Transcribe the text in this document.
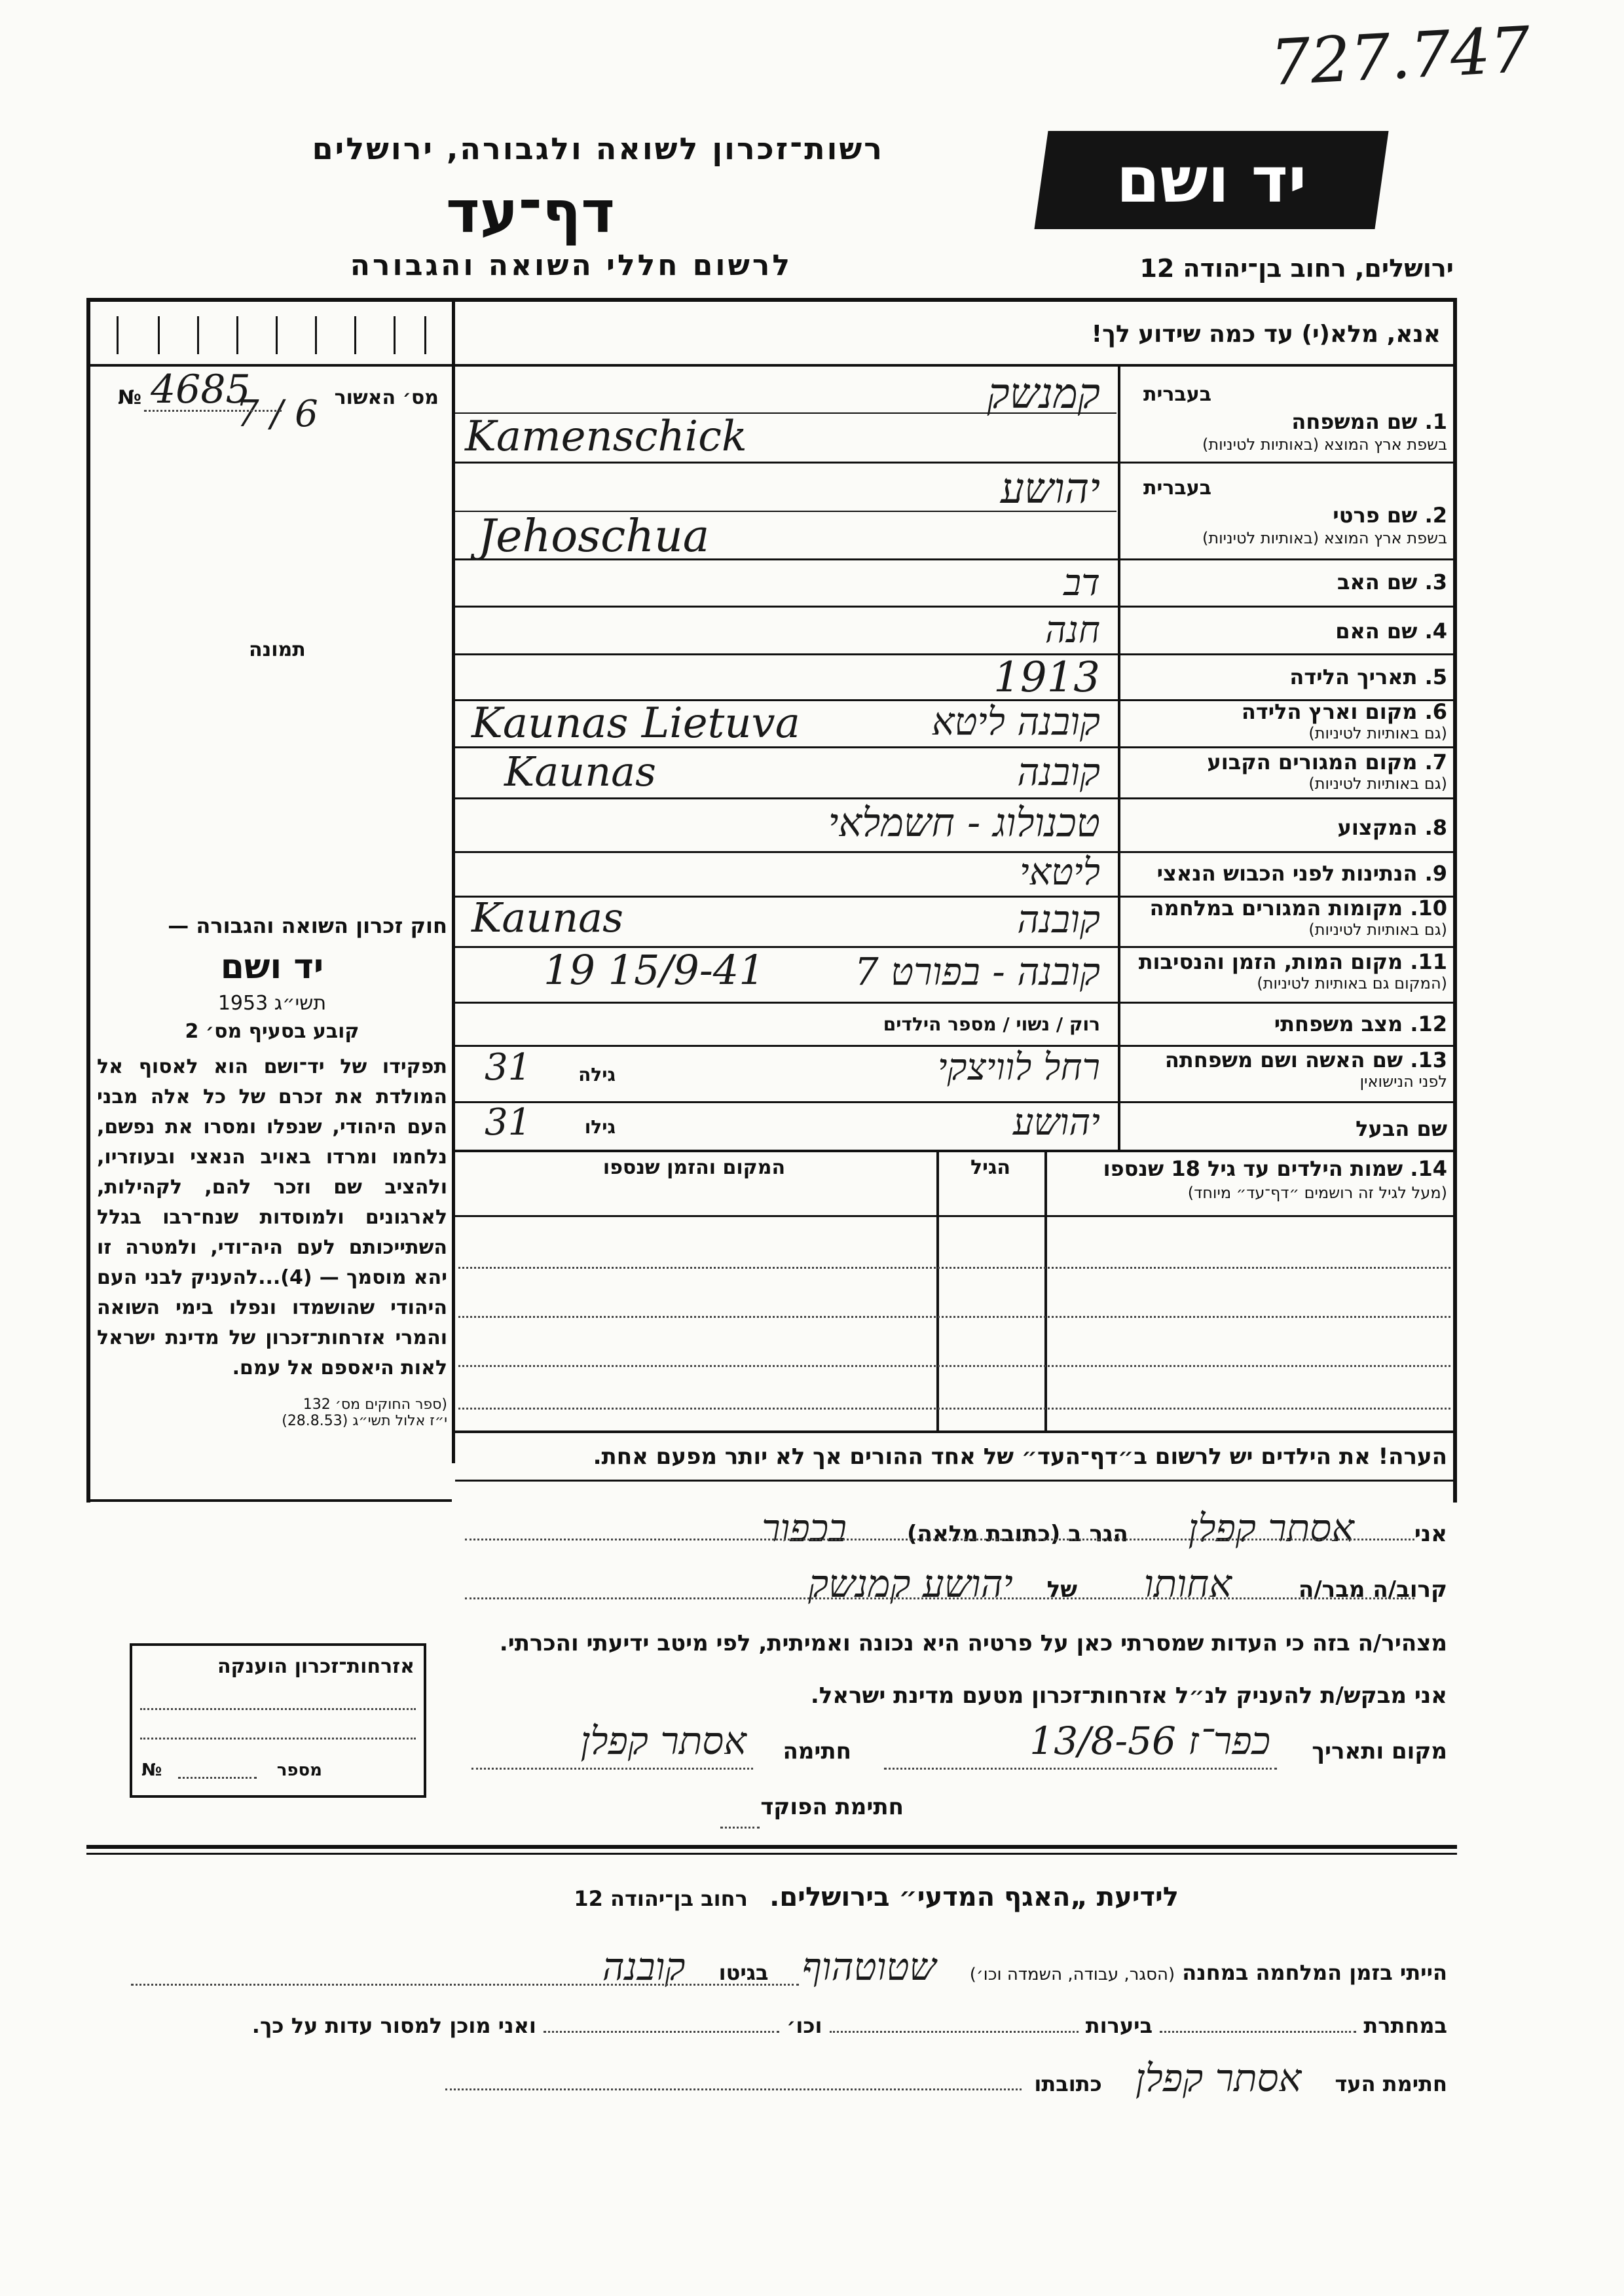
727.747
רשות־זכרון לשואה ולגבורה, ירושלים
דף־עד
לרשום חללי השואה והגבורה
יד ושם
ירושלים, רחוב בן־יהודה 12
אנא, מלא(י) עד כמה שידוע לך!
מס׳ האשור
№ 4685
7 / 6
תמונה
בעברית
1. שם המשפחה
בשפת ארץ המוצא (באותיות לטיניות)
קמנשק
Kamenschick
בעברית
2. שם פרטי
בשפת ארץ המוצא (באותיות לטיניות)
יהושע
Jehoschua
3. שם האב
דב
4. שם האם
חנה
5. תאריך הלידה
1913
6. מקום וארץ הלידה
(גם באותיות לטיניות)
קובנה ליטא
Kaunas Lietuva
7. מקום המגורים הקבוע
(גם באותיות לטיניות)
קובנה
Kaunas
8. המקצוע
טכנולוג - חשמלאי
9. הנתינות לפני הכבוש הנאצי
ליטאי
10. מקומות המגורים במלחמה
(גם באותיות לטיניות)
קובנה
Kaunas
11. מקום המות, הזמן והנסיבות
(המקום גם באותיות לטיניות)
קובנה - בפורט 7
19 15/9-41
12. מצב משפחתי
רוק / נשוי / מספר הילדים
13. שם האשה ושם משפחתה
לפני הנישואין
רחל לוויצקי
גילה
31
שם הבעל
יהושע
גילו
31
14. שמות הילדים עד גיל 18 שנספו
(מעל לגיל זה רושמים ״דף־עד״ מיוחד)
הגיל
המקום והזמן שנספו
הערה! את הילדים יש לרשום ב״דף־העד״ של אחד ההורים אך לא יותר מפעם אחת.
חוק זכרון השואה והגבורה —
יד ושם
תשי״ג 1953
קובע בסעיף מס׳ 2
תפקידו של יד־ושם הוא לאסוף אל המולדת את זכרם של כל אלה מבני העם היהודי, שנפלו ומסרו את נפשם, נלחמו ומרדו באויב הנאצי ובעוזריו, ולהציב שם וזכר להם, לקהילות, לארגונים ולמוסדות שנח־רבו בגלל השתייכותם לעם היה־ודי, ולמטרה זו יהא מוסמך — (4)...להעניק לבני העם היהודי שהושמדו ונפלו בימי השואה והמרי אזרחות־זכרון של מדינת ישראל לאות היאספם אל עמם.
(ספר החוקים מס׳ 132
י״ז אלול תשי״ג (28.8.53)
אני אסתר קפלן הגר ב (כתובת מלאה) בכפור
קרוב/ה מבר/ה אחותו של יהושע קמנשק
מצהיר/ה בזה כי העדות שמסרתי כאן על פרטיה היא נכונה ואמיתית, לפי מיטב ידיעתי והכרתי.
אני מבקש/ת להעניק לנ״ל אזרחות־זכרון מטעם מדינת ישראל.
מקום ותאריך
כפר־ז 13/8-56
חתימה
אסתר קפלן
חתימת הפוקד
אזרחות־זכרון הוענקה
מספר
№
לידיעת „האגף המדעי״ בירושלים. רחוב בן־יהודה 12
הייתי בזמן המלחמה במחנה (הסגר, עבודה, השמדה וכו׳) שטוטהוף בגיטו קובנה
במחתרת  ביערות  וכו׳  ואני מוכן למסור עדות על כך.
חתימת העד אסתר קפלן כתובתו
